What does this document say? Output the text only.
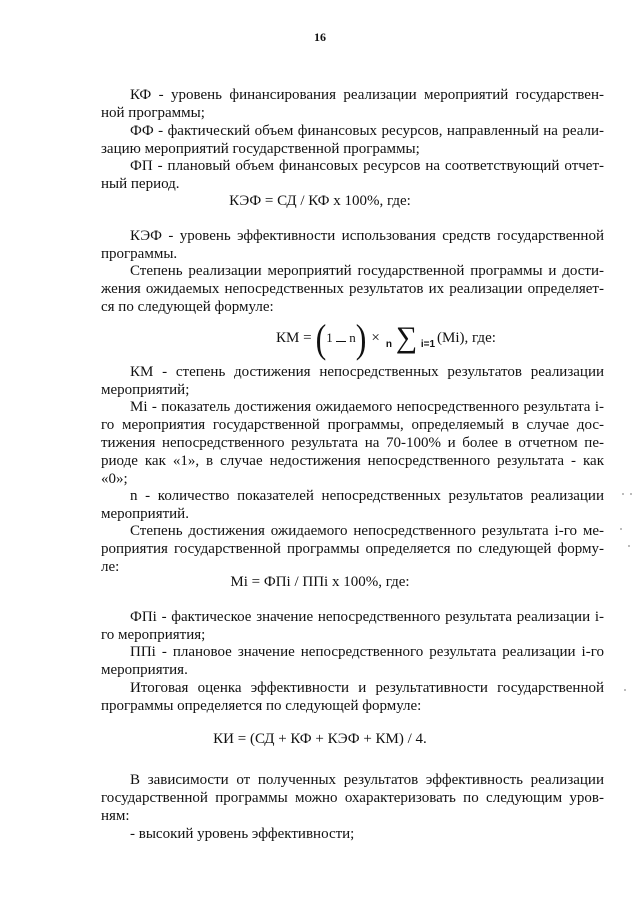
16

КФ - уровень финансирования реализации мероприятий государствен-ной программы;

ФФ - фактический объем финансовых ресурсов, направленный на реали-зацию мероприятий государственной программы;

ФП - плановый объем финансовых ресурсов на соответствующий отчет-ный период.

КЭФ = СД / КФ x 100%, где:

КЭФ - уровень эффективности использования средств государственной программы.

Степень реализации мероприятий государственной программы и дости-жения ожидаемых непосредственных результатов их реализации определяет-ся по следующей формуле:

КМ = ( 1 n ) × n ∑ i=1 (Mi), где:

КМ - степень достижения непосредственных результатов реализации мероприятий;

Mi - показатель достижения ожидаемого непосредственного результата i-го мероприятия государственной программы, определяемый в случае дос-тижения непосредственного результата на 70-100% и более в отчетном пе-риоде как «1», в случае недостижения непосредственного результата - как «0»;

n - количество показателей непосредственных результатов реализации мероприятий.

Степень достижения ожидаемого непосредственного результата i-го ме-роприятия государственной программы определяется по следующей форму-ле:

Mi = ФПi / ППi x 100%, где:

ФПi - фактическое значение непосредственного результата реализации i-го мероприятия;

ППi - плановое значение непосредственного результата реализации i-го мероприятия.

Итоговая оценка эффективности и результативности государственной программы определяется по следующей формуле:

КИ = (СД + КФ + КЭФ + КМ) / 4.

В зависимости от полученных результатов эффективность реализации государственной программы можно охарактеризовать по следующим уров-ням:

- высокий уровень эффективности;
